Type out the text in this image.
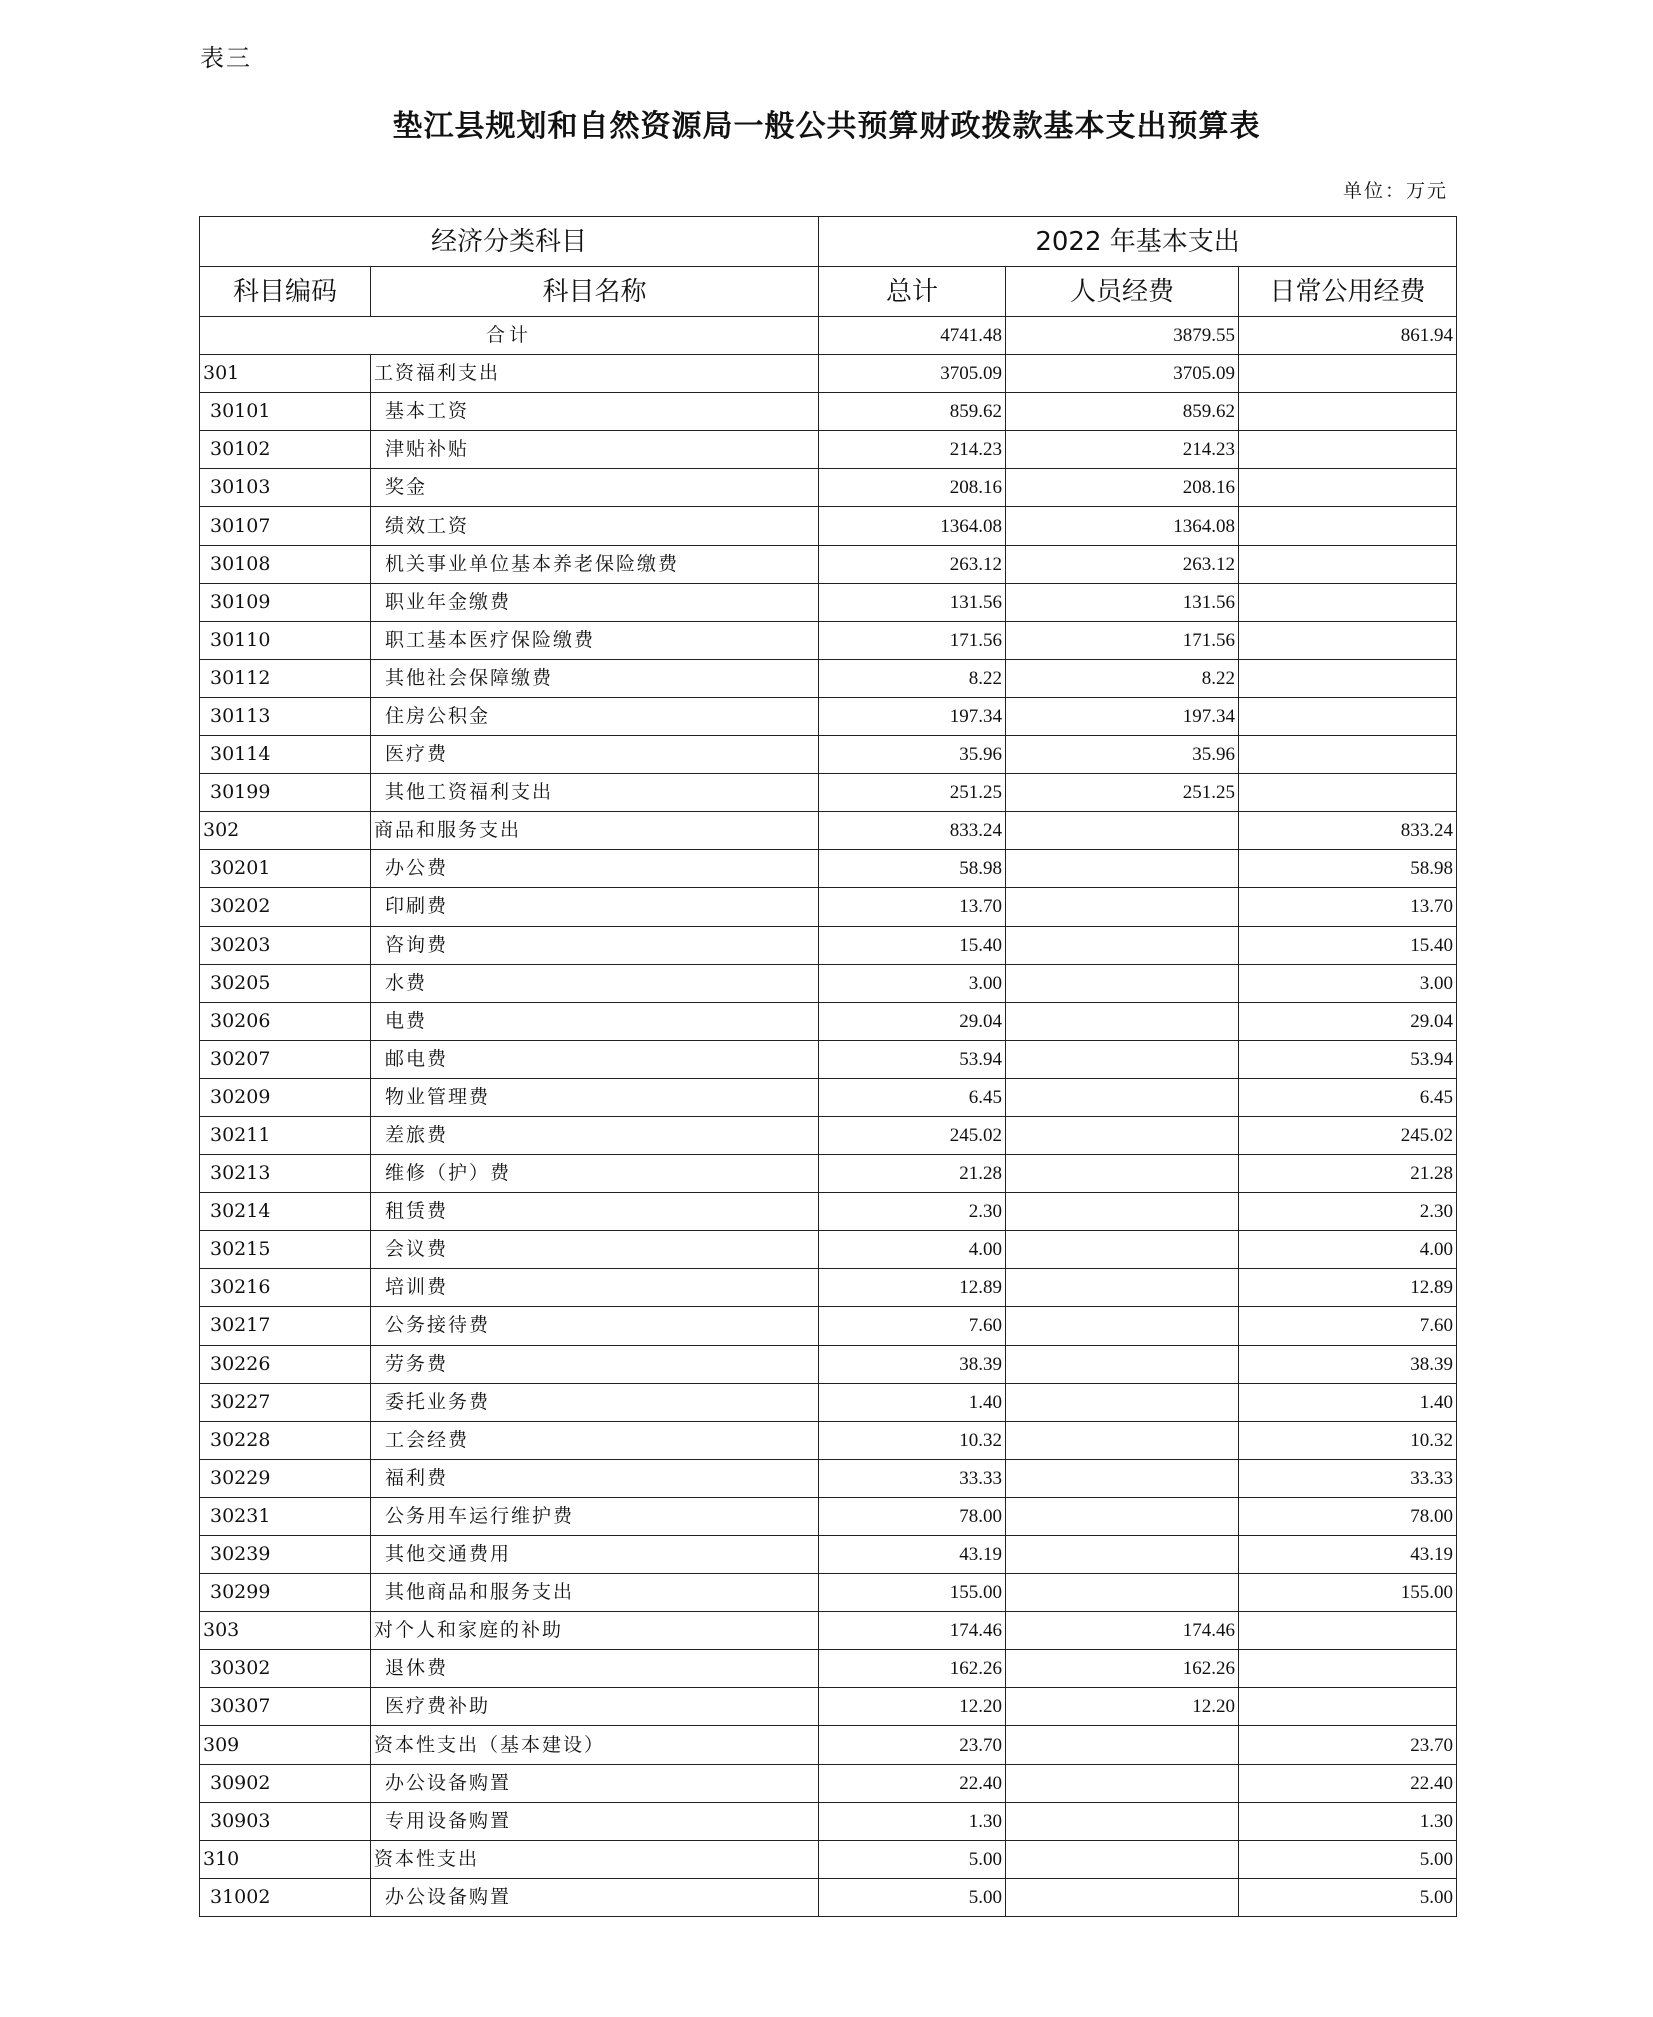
表三
垫江县规划和自然资源局一般公共预算财政拨款基本支出预算表
单位：万元
经济分类科目		2022 年基本支出		
科目编码	科目名称	总计	人员经费	日常公用经费
合计		4741.48	3879.55	861.94
301	工资福利支出	3705.09	3705.09	
30101	基本工资	859.62	859.62	
30102	津贴补贴	214.23	214.23	
30103	奖金	208.16	208.16	
30107	绩效工资	1364.08	1364.08	
30108	机关事业单位基本养老保险缴费	263.12	263.12	
30109	职业年金缴费	131.56	131.56	
30110	职工基本医疗保险缴费	171.56	171.56	
30112	其他社会保障缴费	8.22	8.22	
30113	住房公积金	197.34	197.34	
30114	医疗费	35.96	35.96	
30199	其他工资福利支出	251.25	251.25	
302	商品和服务支出	833.24		833.24
30201	办公费	58.98		58.98
30202	印刷费	13.70		13.70
30203	咨询费	15.40		15.40
30205	水费	3.00		3.00
30206	电费	29.04		29.04
30207	邮电费	53.94		53.94
30209	物业管理费	6.45		6.45
30211	差旅费	245.02		245.02
30213	维修（护）费	21.28		21.28
30214	租赁费	2.30		2.30
30215	会议费	4.00		4.00
30216	培训费	12.89		12.89
30217	公务接待费	7.60		7.60
30226	劳务费	38.39		38.39
30227	委托业务费	1.40		1.40
30228	工会经费	10.32		10.32
30229	福利费	33.33		33.33
30231	公务用车运行维护费	78.00		78.00
30239	其他交通费用	43.19		43.19
30299	其他商品和服务支出	155.00		155.00
303	对个人和家庭的补助	174.46	174.46	
30302	退休费	162.26	162.26	
30307	医疗费补助	12.20	12.20	
309	资本性支出（基本建设）	23.70		23.70
30902	办公设备购置	22.40		22.40
30903	专用设备购置	1.30		1.30
310	资本性支出	5.00		5.00
31002	办公设备购置	5.00		5.00
